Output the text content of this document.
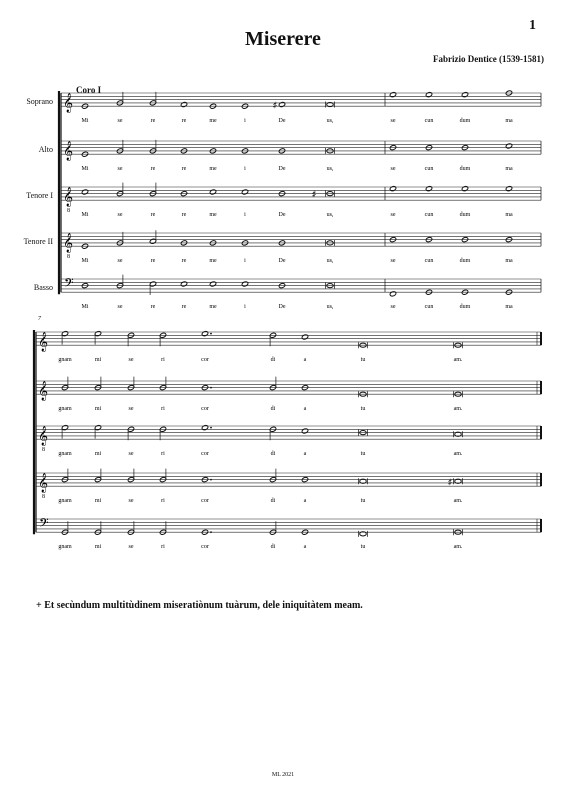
1
Miserere
Fabrizio Dentice (1539-1581)
Coro I
Soprano
Alto
Tenore I
Tenore II
Basso
7
𝄞	♯
Mi	se	re	re	me	i	De	us,	se	cun	dum	ma
𝄞
Mi	se	re	re	me	i	De	us,	se	cun	dum	ma
𝄞
8
♯
Mi	se	re	re	me	i	De	us,	se	cun	dum	ma
𝄞
8
Mi	se	re	re	me	i	De	us,	se	cun	dum	ma
𝄢
Mi	se	re	re	me	i	De	us,	se	cun	dum	ma
𝄞
gnam	mi	se	ri	cor	di	a	tu	am.
𝄞
gnam	mi	se	ri	cor	di	a	tu	am.
𝄞
8
gnam	mi	se	ri	cor	di	a	tu	am.
𝄞
8
♯
gnam	mi	se	ri	cor	di	a	tu	am.
𝄢
gnam	mi	se	ri	cor	di	a	tu	am.
+ Et secùndum multitùdinem miseratiònum tuàrum, dele iniquitàtem meam.
ML 2021
